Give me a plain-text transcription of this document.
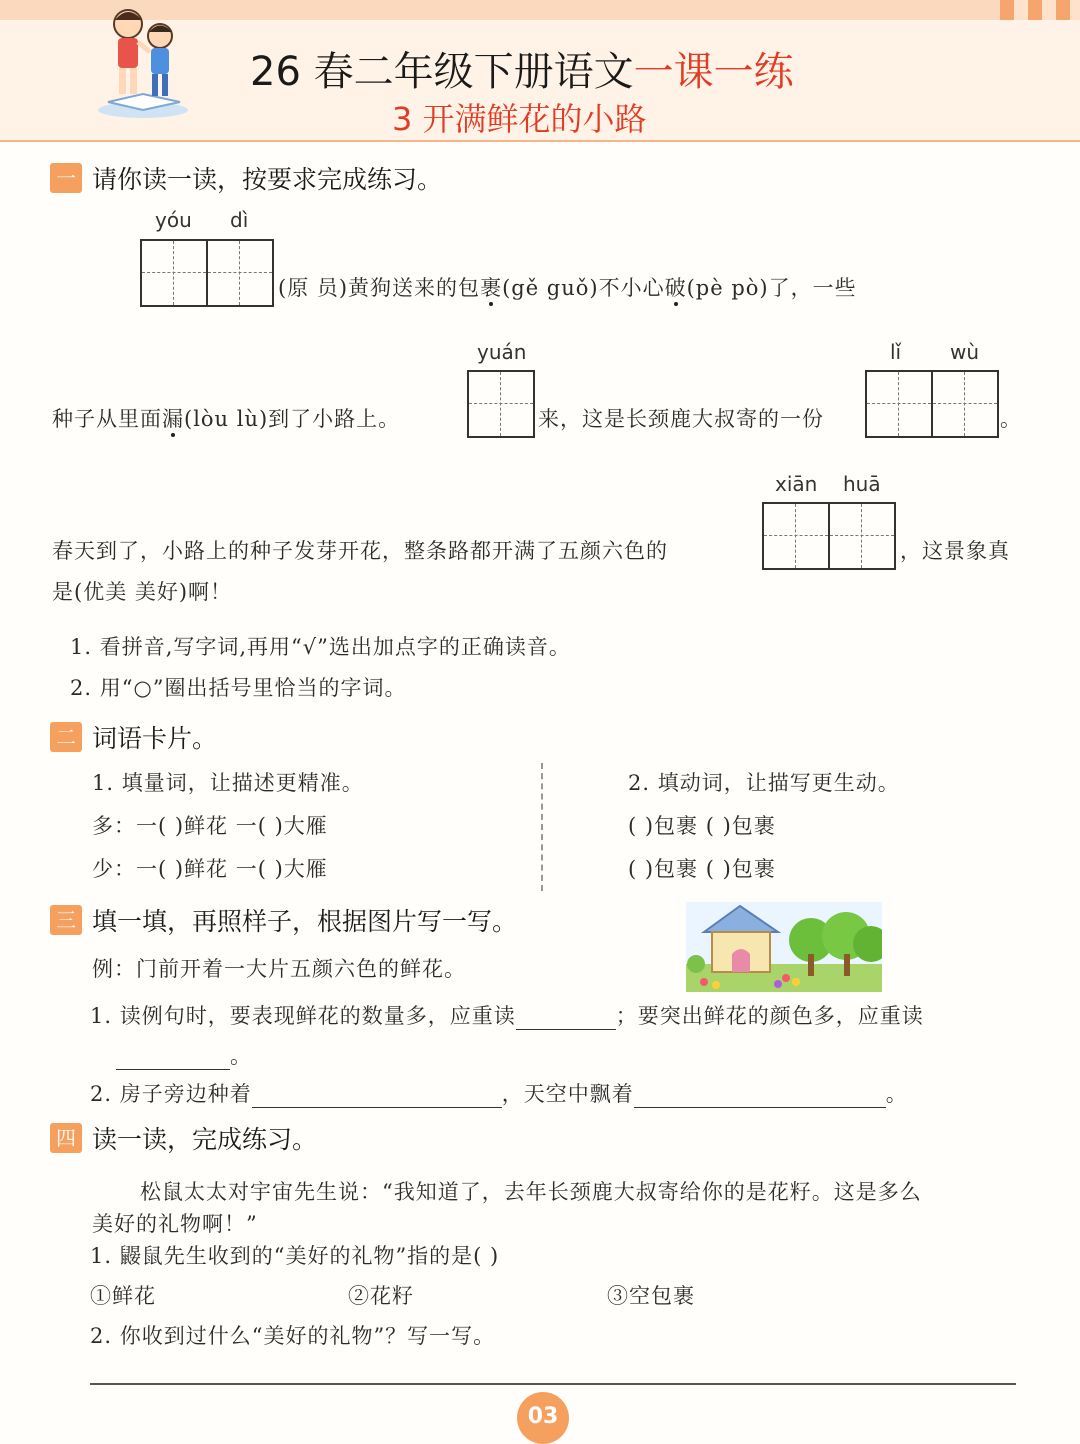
26 春二年级下册语文一课一练
3 开满鲜花的小路
一 请你读一读，按要求完成练习。
yóu dì
(原 员)黄狗送来的包裹(gě guǒ)不小心破(pè pò)了，一些
yuán	lǐ wù
种子从里面漏(lòu lù)到了小路上。	来，这是长颈鹿大叔寄的一份	。
xiān huā
春天到了，小路上的种子发芽开花，整条路都开满了五颜六色的	，这景象真
是(优美 美好)啊！
1. 看拼音,写字词,再用“√”选出加点字的正确读音。
2. 用“○”圈出括号里恰当的字词。
二 词语卡片。
1. 填量词，让描述更精准。
多：一( )鲜花 一( )大雁
少：一( )鲜花 一( )大雁
2. 填动词，让描写更生动。
( )包裹 ( )包裹
( )包裹 ( )包裹
三 填一填，再照样子，根据图片写一写。
例：门前开着一大片五颜六色的鲜花。
1. 读例句时，要表现鲜花的数量多，应重读	；要突出鲜花的颜色多，应重读
。
2. 房子旁边种着	，天空中飘着	。
四 读一读，完成练习。
松鼠太太对宇宙先生说：“我知道了，去年长颈鹿大叔寄给你的是花籽。这是多么
美好的礼物啊！”
1. 鼹鼠先生收到的“美好的礼物”指的是( )
①鲜花	②花籽	③空包裹
2. 你收到过什么“美好的礼物”？写一写。
03
